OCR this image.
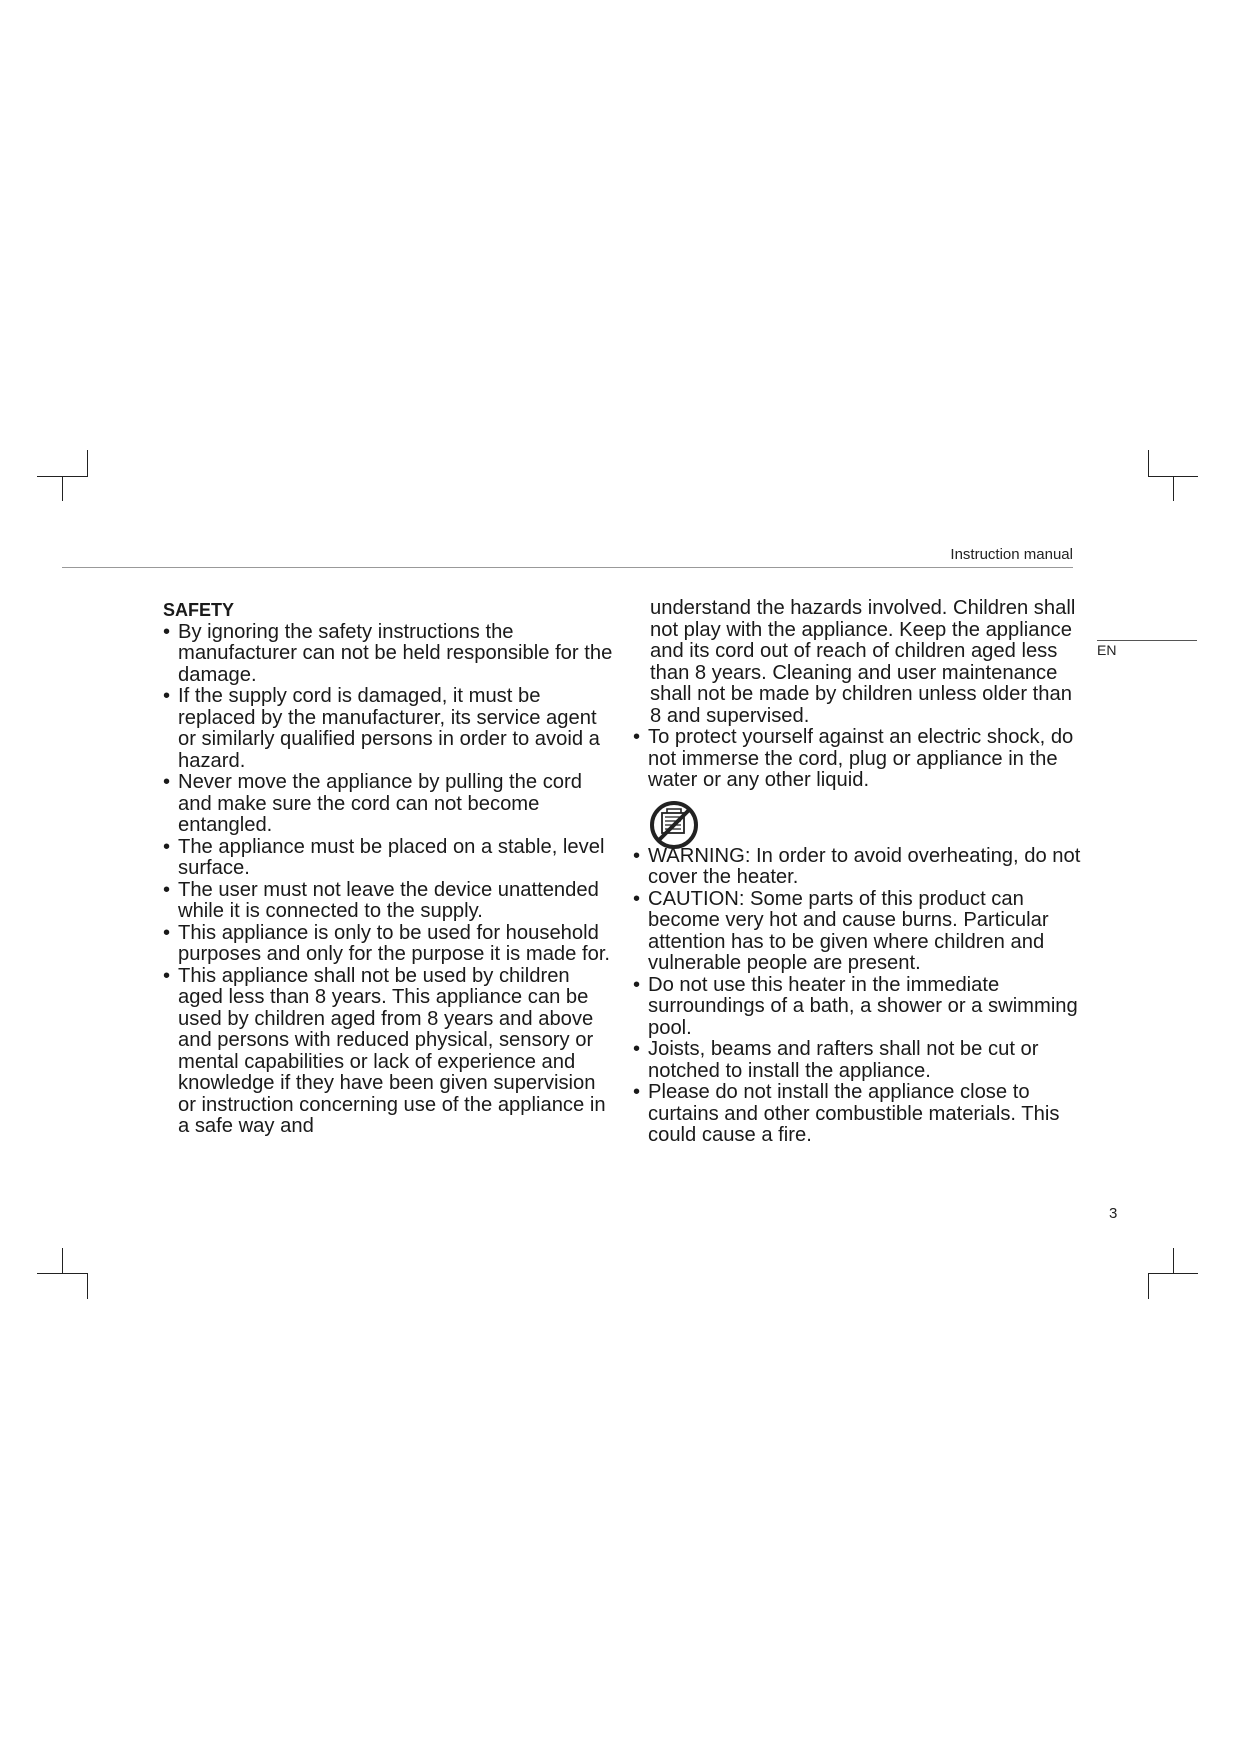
Instruction manual
EN
3
SAFETY
• By ignoring the safety instructions the manufacturer can not be held responsible for the damage.
• If the supply cord is damaged, it must be replaced by the manufacturer, its service agent or similarly qualified persons in order to avoid a hazard.
• Never move the appliance by pulling the cord and make sure the cord can not become entangled.
• The appliance must be placed on a stable, level surface.
• The user must not leave the device unattended while it is connected to the supply.
• This appliance is only to be used for household purposes and only for the purpose it is made for.
• This appliance shall not be used by children aged less than 8 years. This appliance can be used by children aged from 8 years and above and persons with reduced physical, sensory or mental capabilities or lack of experience and knowledge if they have been given supervision or instruction concerning use of the appliance in a safe way and
understand the hazards involved. Children shall not play with the appliance. Keep the appliance and its cord out of reach of children aged less than 8 years. Cleaning and user maintenance shall not be made by children unless older than 8 and supervised.
• To protect yourself against an electric shock, do not immerse the cord, plug or appliance in the water or any other liquid.
• WARNING: In order to avoid overheating, do not cover the heater.
• CAUTION: Some parts of this product can become very hot and cause burns. Particular attention has to be given where children and vulnerable people are present.
• Do not use this heater in the immediate surroundings of a bath, a shower or a swimming pool.
• Joists, beams and rafters shall not be cut or notched to install the appliance.
• Please do not install the appliance close to curtains and other combustible materials. This could cause a fire.
